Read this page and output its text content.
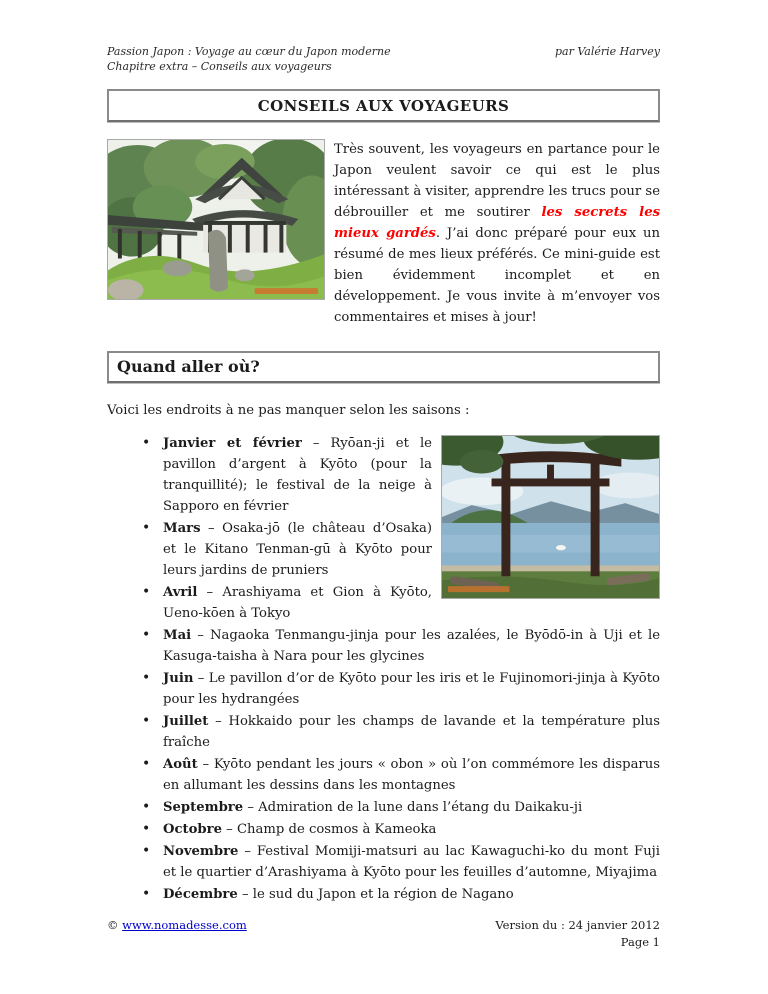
Passion Japon : Voyage au cœur du Japon moderne
Chapitre extra – Conseils aux voyageurs
par Valérie Harvey
CONSEILS AUX VOYAGEURS

Très souvent, les voyageurs en partance pour le Japon veulent savoir ce qui est le plus intéressant à visiter, apprendre les trucs pour se débrouiller et me soutirer les secrets les mieux gardés. J’ai donc préparé pour eux un résumé de mes lieux préférés. Ce mini-guide est bien évidemment incomplet et en développement. Je vous invite à m’envoyer vos commentaires et mises à jour!

Quand aller où?

Voici les endroits à ne pas manquer selon les saisons :

• Janvier et février – Ryōan-ji et le pavillon d’argent à Kyōto (pour la tranquillité); le festival de la neige à Sapporo en février
• Mars – Osaka-jō (le château d’Osaka) et le Kitano Tenman-gū à Kyōto pour leurs jardins de pruniers
• Avril – Arashiyama et Gion à Kyōto, Ueno-kōen à Tokyo
• Mai – Nagaoka Tenmangu-jinja pour les azalées, le Byōdō-in à Uji et le Kasuga-taisha à Nara pour les glycines
• Juin – Le pavillon d’or de Kyōto pour les iris et le Fujinomori-jinja à Kyōto pour les hydrangées
• Juillet – Hokkaido pour les champs de lavande et la température plus fraîche
• Août – Kyōto pendant les jours « obon » où l’on commémore les disparus en allumant les dessins dans les montagnes
• Septembre – Admiration de la lune dans l’étang du Daikaku-ji
• Octobre – Champ de cosmos à Kameoka
• Novembre – Festival Momiji-matsuri au lac Kawaguchi-ko du mont Fuji et le quartier d’Arashiyama à Kyōto pour les feuilles d’automne, Miyajima
• Décembre – le sud du Japon et la région de Nagano
© www.nomadesse.com	Version du : 24 janvier 2012
Page 1
